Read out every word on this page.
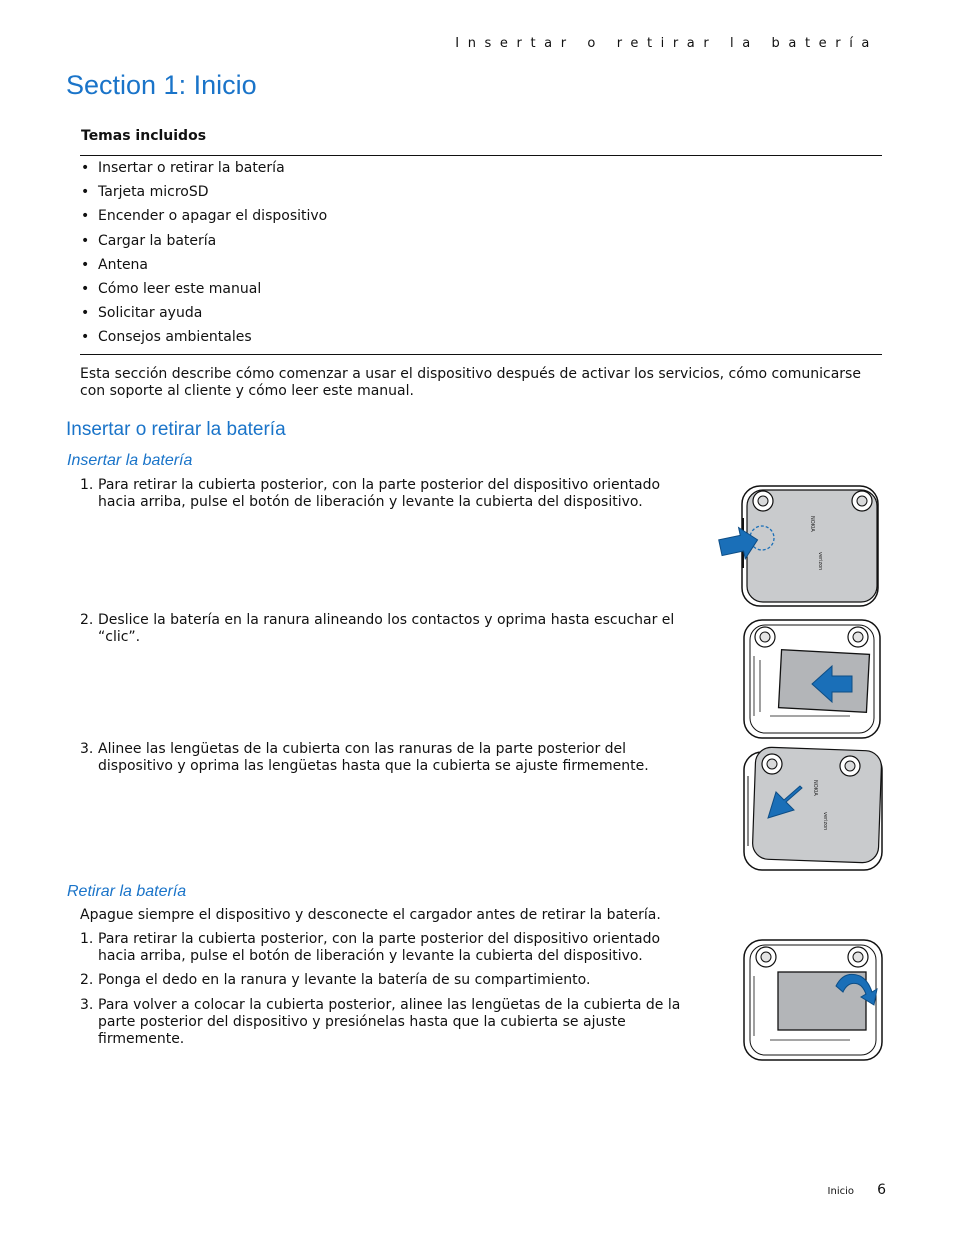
Insertar o retirar la batería
Section 1: Inicio
Temas incluidos
• Insertar o retirar la batería
• Tarjeta microSD
• Encender o apagar el dispositivo
• Cargar la batería
• Antena
• Cómo leer este manual
• Solicitar ayuda
• Consejos ambientales
Esta sección describe cómo comenzar a usar el dispositivo después de activar los servicios, cómo comunicarse con soporte al cliente y cómo leer este manual.
Insertar o retirar la batería
Insertar la batería
1. Para retirar la cubierta posterior, con la parte posterior del dispositivo orientado hacia arriba, pulse el botón de liberación y levante la cubierta del dispositivo.
2. Deslice la batería en la ranura alineando los contactos y oprima hasta escuchar el “clic”.
3. Alinee las lengüetas de la cubierta con las ranuras de la parte posterior del dispositivo y oprima las lengüetas hasta que la cubierta se ajuste firmemente.
Retirar la batería
Apague siempre el dispositivo y desconecte el cargador antes de retirar la batería.
1. Para retirar la cubierta posterior, con la parte posterior del dispositivo orientado hacia arriba, pulse el botón de liberación y levante la cubierta del dispositivo.
2. Ponga el dedo en la ranura y levante la batería de su compartimiento.
3. Para volver a colocar la cubierta posterior, alinee las lengüetas de la cubierta de la parte posterior del dispositivo y presiónelas hasta que la cubierta se ajuste firmemente.
NOKIA
verizon
NOKIA
verizon
Inicio 6
